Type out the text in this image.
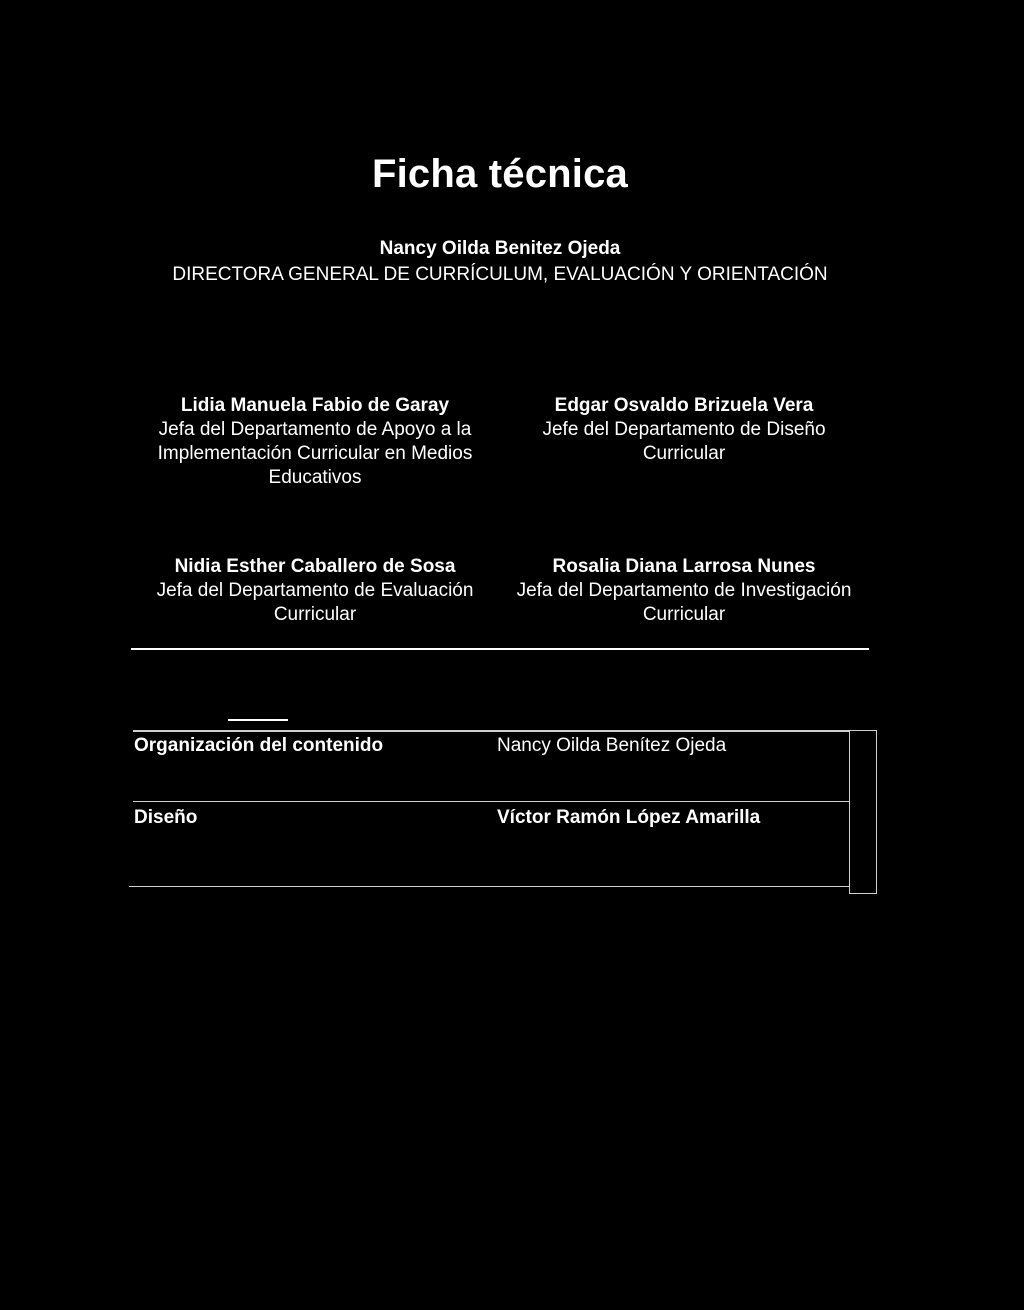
Ficha técnica
Nancy Oilda Benitez Ojeda
DIRECTORA GENERAL DE CURRÍCULUM, EVALUACIÓN Y ORIENTACIÓN
Lidia Manuela Fabio de Garay
Jefa del Departamento de Apoyo a la
Implementación Curricular en Medios
Educativos
Edgar Osvaldo Brizuela Vera
Jefe del Departamento de Diseño
Curricular
Nidia Esther Caballero de Sosa
Jefa del Departamento de Evaluación
Curricular
Rosalia Diana Larrosa Nunes
Jefa del Departamento de Investigación
Curricular
Organización del contenido	Nancy Oilda Benítez Ojeda
Diseño	Víctor Ramón López Amarilla
